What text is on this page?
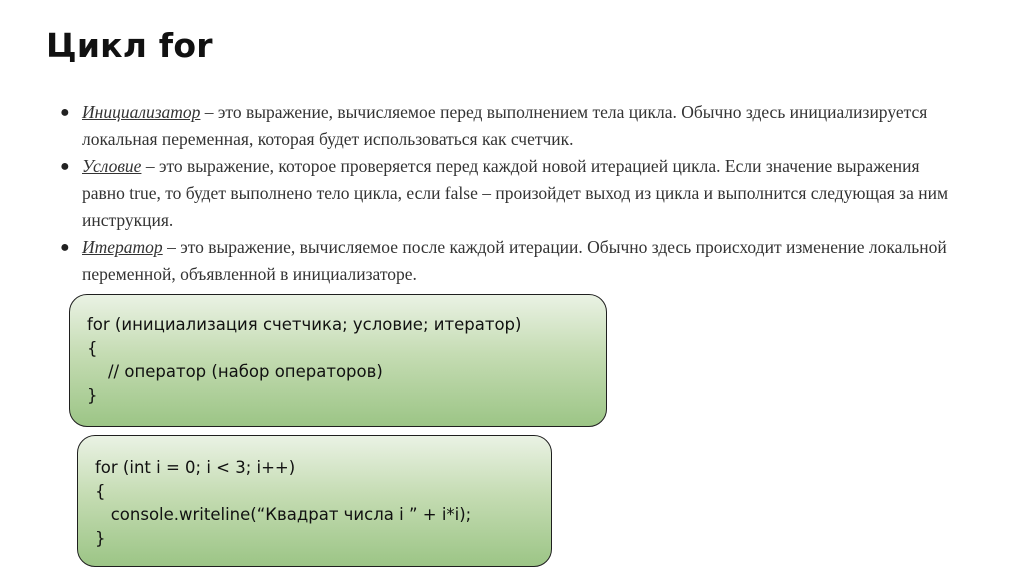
Цикл for
● Инициализатор – это выражение, вычисляемое перед выполнением тела цикла. Обычно здесь инициализируется локальная переменная, которая будет использоваться как счетчик.
● Условие – это выражение, которое проверяется перед каждой новой итерацией цикла. Если значение выражения равно true, то будет выполнено тело цикла, если false – произойдет выход из цикла и выполнится следующая за ним инструкция.
● Итератор – это выражение, вычисляемое после каждой итерации. Обычно здесь происходит изменение локальной переменной, объявленной в инициализаторе.
for (инициализация счетчика; условие; итератор)
{
// оператор (набор операторов)
}
for (int i = 0; i < 3; i++)
{
console.writeline(“Квадрат числа i ” + i*i);
}
